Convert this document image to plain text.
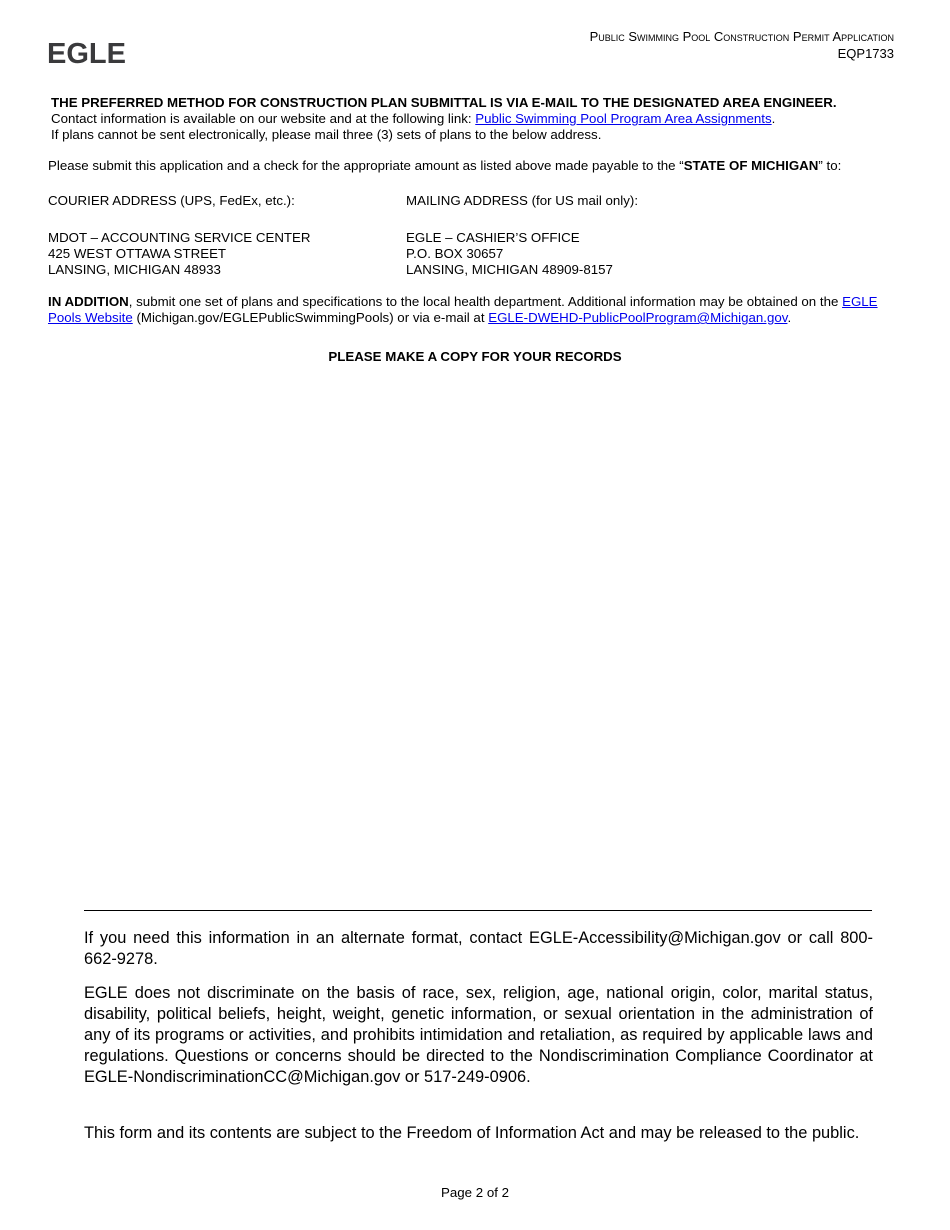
EGLE
Public Swimming Pool Construction Permit Application
EQP1733
THE PREFERRED METHOD FOR CONSTRUCTION PLAN SUBMITTAL IS VIA E-MAIL TO THE DESIGNATED AREA ENGINEER.
Contact information is available on our website and at the following link: Public Swimming Pool Program Area Assignments.
If plans cannot be sent electronically, please mail three (3) sets of plans to the below address.
Please submit this application and a check for the appropriate amount as listed above made payable to the “STATE OF MICHIGAN” to:
COURIER ADDRESS (UPS, FedEx, etc.):	MAILING ADDRESS (for US mail only):
MDOT – ACCOUNTING SERVICE CENTER
425 WEST OTTAWA STREET
LANSING, MICHIGAN 48933
EGLE – CASHIER’S OFFICE
P.O. BOX 30657
LANSING, MICHIGAN 48909-8157
IN ADDITION, submit one set of plans and specifications to the local health department. Additional information may be obtained on the EGLE Pools Website (Michigan.gov/EGLEPublicSwimmingPools) or via e-mail at EGLE-DWEHD-PublicPoolProgram@Michigan.gov.
PLEASE MAKE A COPY FOR YOUR RECORDS
If you need this information in an alternate format, contact EGLE-Accessibility@Michigan.gov or call 800-662-9278.
EGLE does not discriminate on the basis of race, sex, religion, age, national origin, color, marital status, disability, political beliefs, height, weight, genetic information, or sexual orientation in the administration of any of its programs or activities, and prohibits intimidation and retaliation, as required by applicable laws and regulations. Questions or concerns should be directed to the Nondiscrimination Compliance Coordinator at EGLE-NondiscriminationCC@Michigan.gov or 517-249-0906.
This form and its contents are subject to the Freedom of Information Act and may be released to the public.
Page 2 of 2
